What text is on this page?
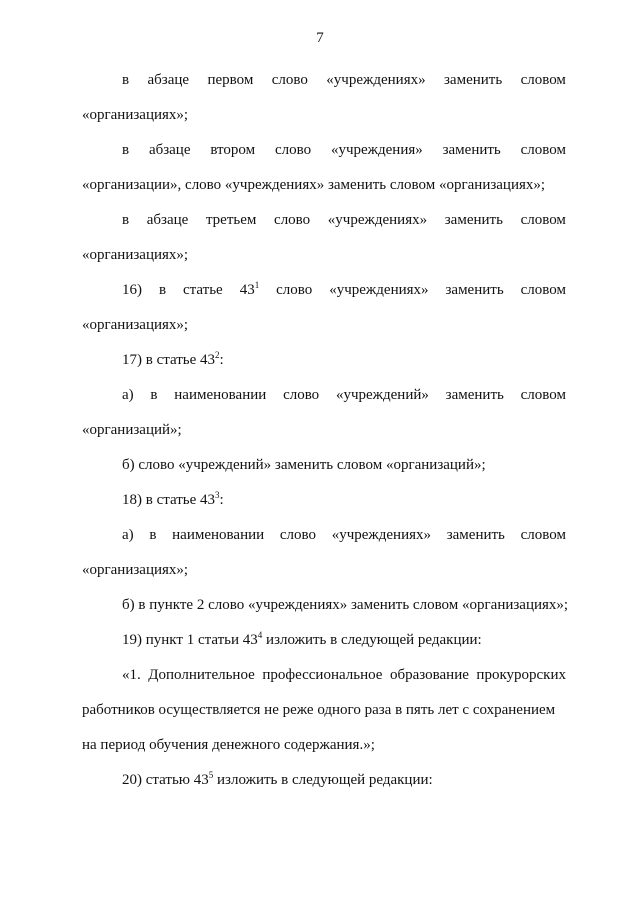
7
в абзаце первом слово «учреждениях» заменить словом
«организациях»;
в абзаце втором слово «учреждения» заменить словом
«организации», слово «учреждениях» заменить словом «организациях»;
в абзаце третьем слово «учреждениях» заменить словом
«организациях»;
16) в статье $43^1$ слово «учреждениях» заменить словом
«организациях»;
17) в статье $43^2$:
а) в наименовании слово «учреждений» заменить словом
«организаций»;
б) слово «учреждений» заменить словом «организаций»;
18) в статье $43^3$:
а) в наименовании слово «учреждениях» заменить словом
«организациях»;
б) в пункте 2 слово «учреждениях» заменить словом «организациях»;
19) пункт 1 статьи $43^4$ изложить в следующей редакции:
«1. Дополнительное профессиональное образование прокурорских
работников осуществляется не реже одного раза в пять лет с сохранением
на период обучения денежного содержания.»;
20) статью $43^5$ изложить в следующей редакции:
